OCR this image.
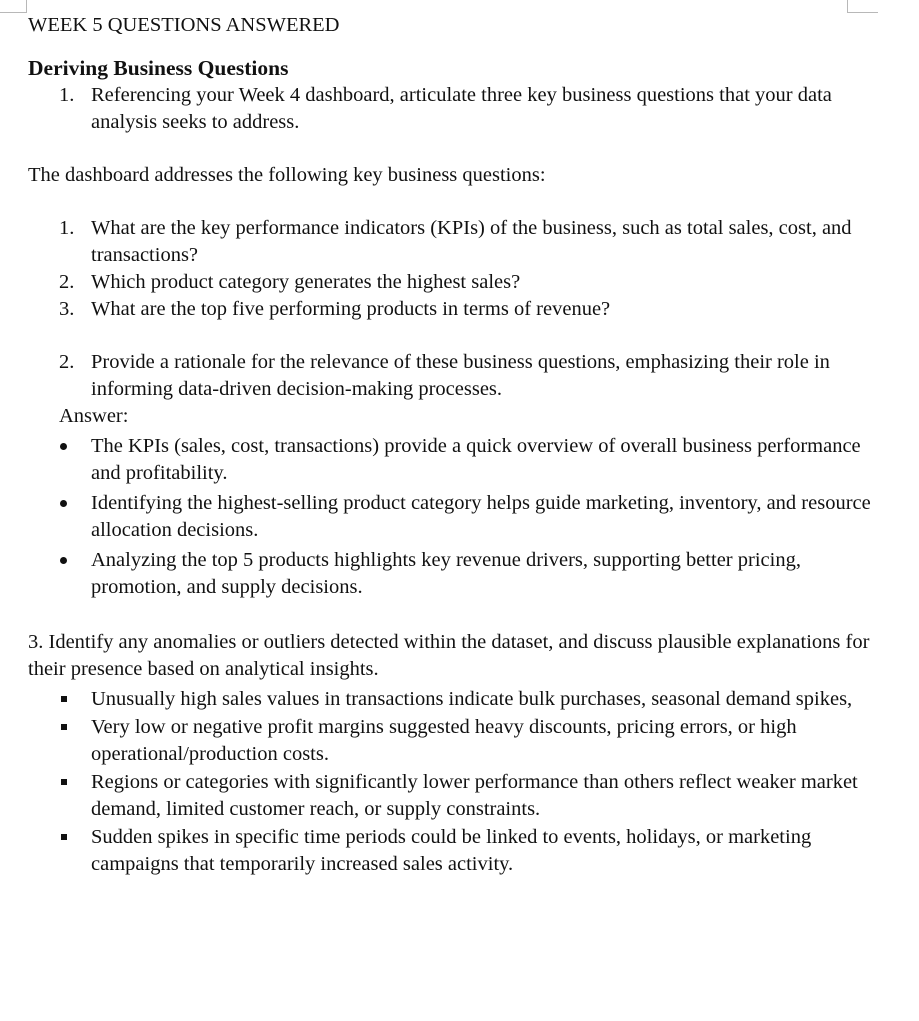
WEEK 5 QUESTIONS ANSWERED
Deriving Business Questions
1. Referencing your Week 4 dashboard, articulate three key business questions that your data analysis seeks to address.

The dashboard addresses the following key business questions:

1. What are the key performance indicators (KPIs) of the business, such as total sales, cost, and transactions?
2. Which product category generates the highest sales?
3. What are the top five performing products in terms of revenue?
2. Provide a rationale for the relevance of these business questions, emphasizing their role in informing data-driven decision-making processes.

Answer:

The KPIs (sales, cost, transactions) provide a quick overview of overall business performance and profitability.
Identifying the highest-selling product category helps guide marketing, inventory, and resource allocation decisions.
Analyzing the top 5 products highlights key revenue drivers, supporting better pricing, promotion, and supply decisions.

3. Identify any anomalies or outliers detected within the dataset, and discuss plausible explanations for their presence based on analytical insights.

Unusually high sales values in transactions indicate bulk purchases, seasonal demand spikes,
Very low or negative profit margins suggested heavy discounts, pricing errors, or high operational/production costs.
Regions or categories with significantly lower performance than others reflect weaker market demand, limited customer reach, or supply constraints.
Sudden spikes in specific time periods could be linked to events, holidays, or marketing campaigns that temporarily increased sales activity.
